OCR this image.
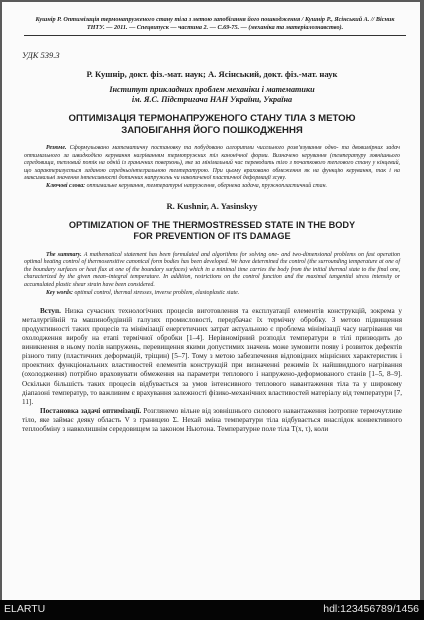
Кушнір Р. Оптимізація термонапруженого стану тіла з метою запобігання його пошкодження / Кушнір Р., Ясінський А. // Вісник ТНТУ. — 2011. — Спецвипуск — частина 2. — С.69-75. — (механіка та матеріалознавство).
УДК 539.3
Р. Кушнір, докт. фіз.-мат. наук; А. Ясінський, докт. фіз.-мат. наук
Інститут прикладних проблем механіки і математики
ім. Я.С. Підстригача НАН України, Україна
ОПТИМІЗАЦІЯ ТЕРМОНАПРУЖЕНОГО СТАНУ ТІЛА З МЕТОЮ
ЗАПОБІГАННЯ ЙОГО ПОШКОДЖЕННЯ
Резюме. Сформульовано математичну постановку та побудовано алгоритми чисельного розв’язування одно- та двовимірних задач оптимального за швидкодією керування нагріванням термопружних тіл канонічної форми. Визначено керування (температуру зовнішнього середовища, тепловий потік на одній із граничних поверхонь), яке за мінімальний час переводить тіло з початкового теплового стану у кінцевий, що характеризується заданою середньоінтегральною температурою. При цьому враховано обмеження як на функцію керування, так і на максимальні значення інтенсивності дотичних напружень чи накопиченої пластичної деформації зсуву.
Ключові слова: оптимальне керування, температурні напруження, обернена задача, пружнопластичний стан.
R. Kushnir, A. Yasinskyy
OPTIMIZATION OF THE THERMOSTRESSED STATE IN THE BODY
FOR PREVENTION OF ITS DAMAGE
The summary. A mathematical statement has been formulated and algorithms for solving one- and two-dimensional problems on fast operation optimal heating control of thermosensitive canonical form bodies has been developed. We have determined the control (the surrounding temperature at one of the boundary surfaces or heat flux at one of the boundary surfaces) which in a minimal time carries the body from the initial thermal state to the final one, characterized by the given mean–integral temperature. In addition, restrictions on the control function and the maximal tangential stress intensity or accumulated plastic shear strain have been considered.
Key words: optimal control, thermal stresses, inverse problem, elastoplastic state.

Вступ. Низка сучасних технологічних процесів виготовлення та експлуатації елементів конструкцій, зокрема у металургійній та машинобудівній галузях промисловості, передбачає їх термічну обробку. З метою підвищення продуктивності таких процесів та мінімізації енергетичних затрат актуальною є проблема мінімізації часу нагрівання чи охолодження виробу на етапі термічної обробки [1–4]. Нерівномірний розподіл температури в тілі призводить до виникнення в ньому полів напружень, перевищення якими допустимих значень може зумовити появу і розвиток дефектів різного типу (пластичних деформацій, тріщин) [5–7]. Тому з метою забезпечення відповідних міцнісних характеристик і проектних функціональних властивостей елементів конструкцій при визначенні режимів їх найшвидшого нагрівання (охолодження) потрібно враховувати обмеження на параметри теплового і напружено-деформованого станів [1–5, 8–9]. Оскільки більшість таких процесів відбувається за умов інтенсивного теплового навантаження тіла та у широкому діапазоні температур, то важливим є врахування залежності фізико-механічних властивостей матеріалу від температури [7, 11].

Постановка задачі оптимізації. Розглянемо вільне від зовнішнього силового навантаження ізотропне термочутливе тіло, яке займає деяку область V з границею Σ. Нехай зміна температури тіла відбувається внаслідок конвективного теплообміну з навколишнім середовищем за законом Ньютона. Температурне поле тіла T(x, τ), коли

ELARTU	hdl:123456789/1456
